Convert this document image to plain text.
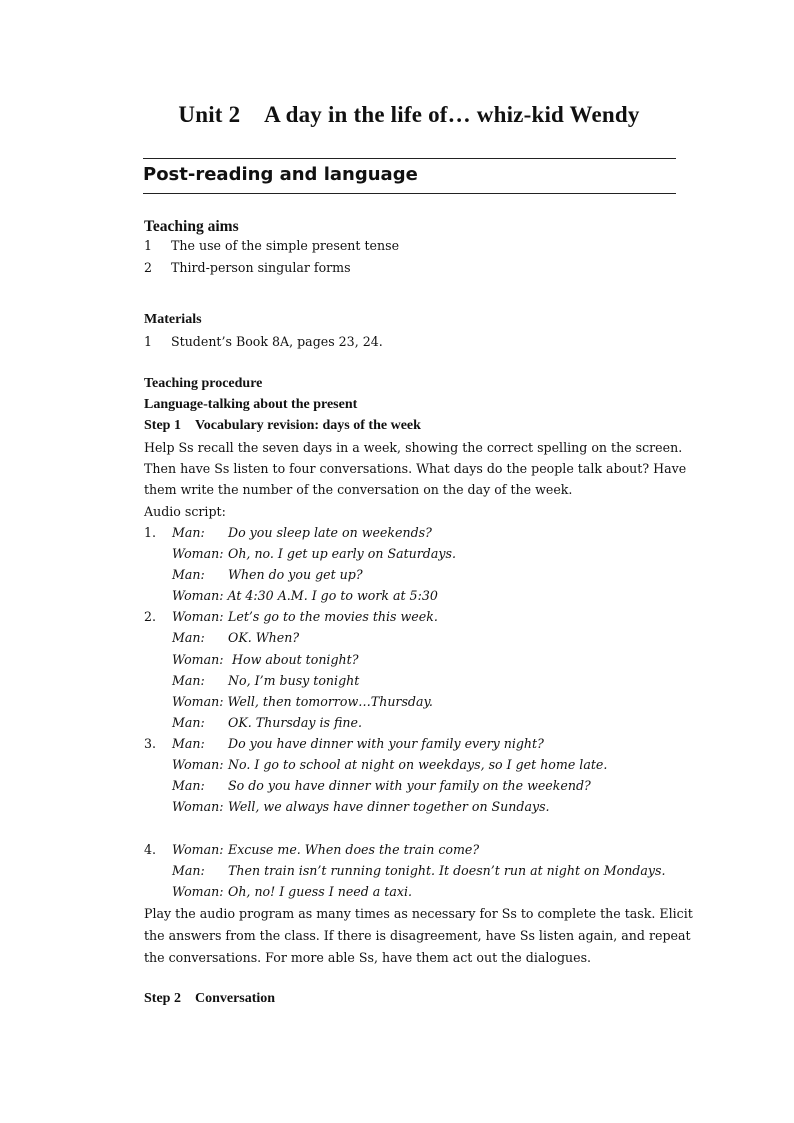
Unit 2    A day in the life of… whiz-kid Wendy
Post-reading and language
Teaching aims
1 The use of the simple present tense
2 Third-person singular forms
Materials
1 Student’s Book 8A, pages 23, 24.
Teaching procedure
Language-talking about the present
Step 1 Vocabulary revision: days of the week
Help Ss recall the seven days in a week, showing the correct spelling on the screen.
Then have Ss listen to four conversations. What days do the people talk about? Have
them write the number of the conversation on the day of the week.
Audio script:
1. Man: Do you sleep late on weekends?
Woman: Oh, no. I get up early on Saturdays.
Man: When do you get up?
Woman: At 4:30 A.M. I go to work at 5:30
2. Woman: Let’s go to the movies this week.
Man: OK. When?
Woman: How about tonight?
Man: No, I’m busy tonight
Woman: Well, then tomorrow…Thursday.
Man: OK. Thursday is fine.
3. Man: Do you have dinner with your family every night?
Woman: No. I go to school at night on weekdays, so I get home late.
Man: So do you have dinner with your family on the weekend?
Woman: Well, we always have dinner together on Sundays.
4. Woman: Excuse me. When does the train come?
Man: Then train isn’t running tonight. It doesn’t run at night on Mondays.
Woman: Oh, no! I guess I need a taxi.
Play the audio program as many times as necessary for Ss to complete the task. Elicit
the answers from the class. If there is disagreement, have Ss listen again, and repeat
the conversations. For more able Ss, have them act out the dialogues.
Step 2 Conversation
